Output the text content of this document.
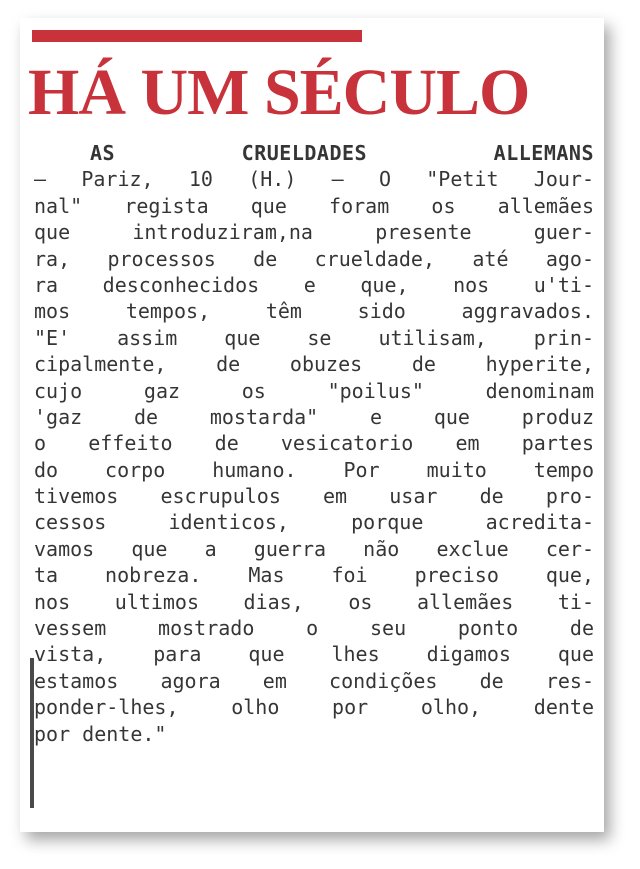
HÁ UM SÉCULO
AS CRUELDADES ALLEMANS
— Pariz, 10 (H.) — O "Petit Jour-
nal" regista que foram os allemães
que introduziram,na presente guer-
ra, processos de crueldade, até ago-
ra desconhecidos e que, nos u'ti-
mos tempos, têm sido aggravados.
"E' assim que se utilisam, prin-
cipalmente, de obuzes de hyperite,
cujo gaz os "poilus" denominam
'gaz de mostarda" e que produz
o effeito de vesicatorio em partes
do corpo humano. Por muito tempo
tivemos escrupulos em usar de pro-
cessos identicos, porque acredita-
vamos que a guerra não exclue cer-
ta nobreza. Mas foi preciso que,
nos ultimos dias, os allemães ti-
vessem mostrado o seu ponto de
vista, para que lhes digamos que
estamos agora em condições de res-
ponder-lhes, olho por olho, dente
por dente."
